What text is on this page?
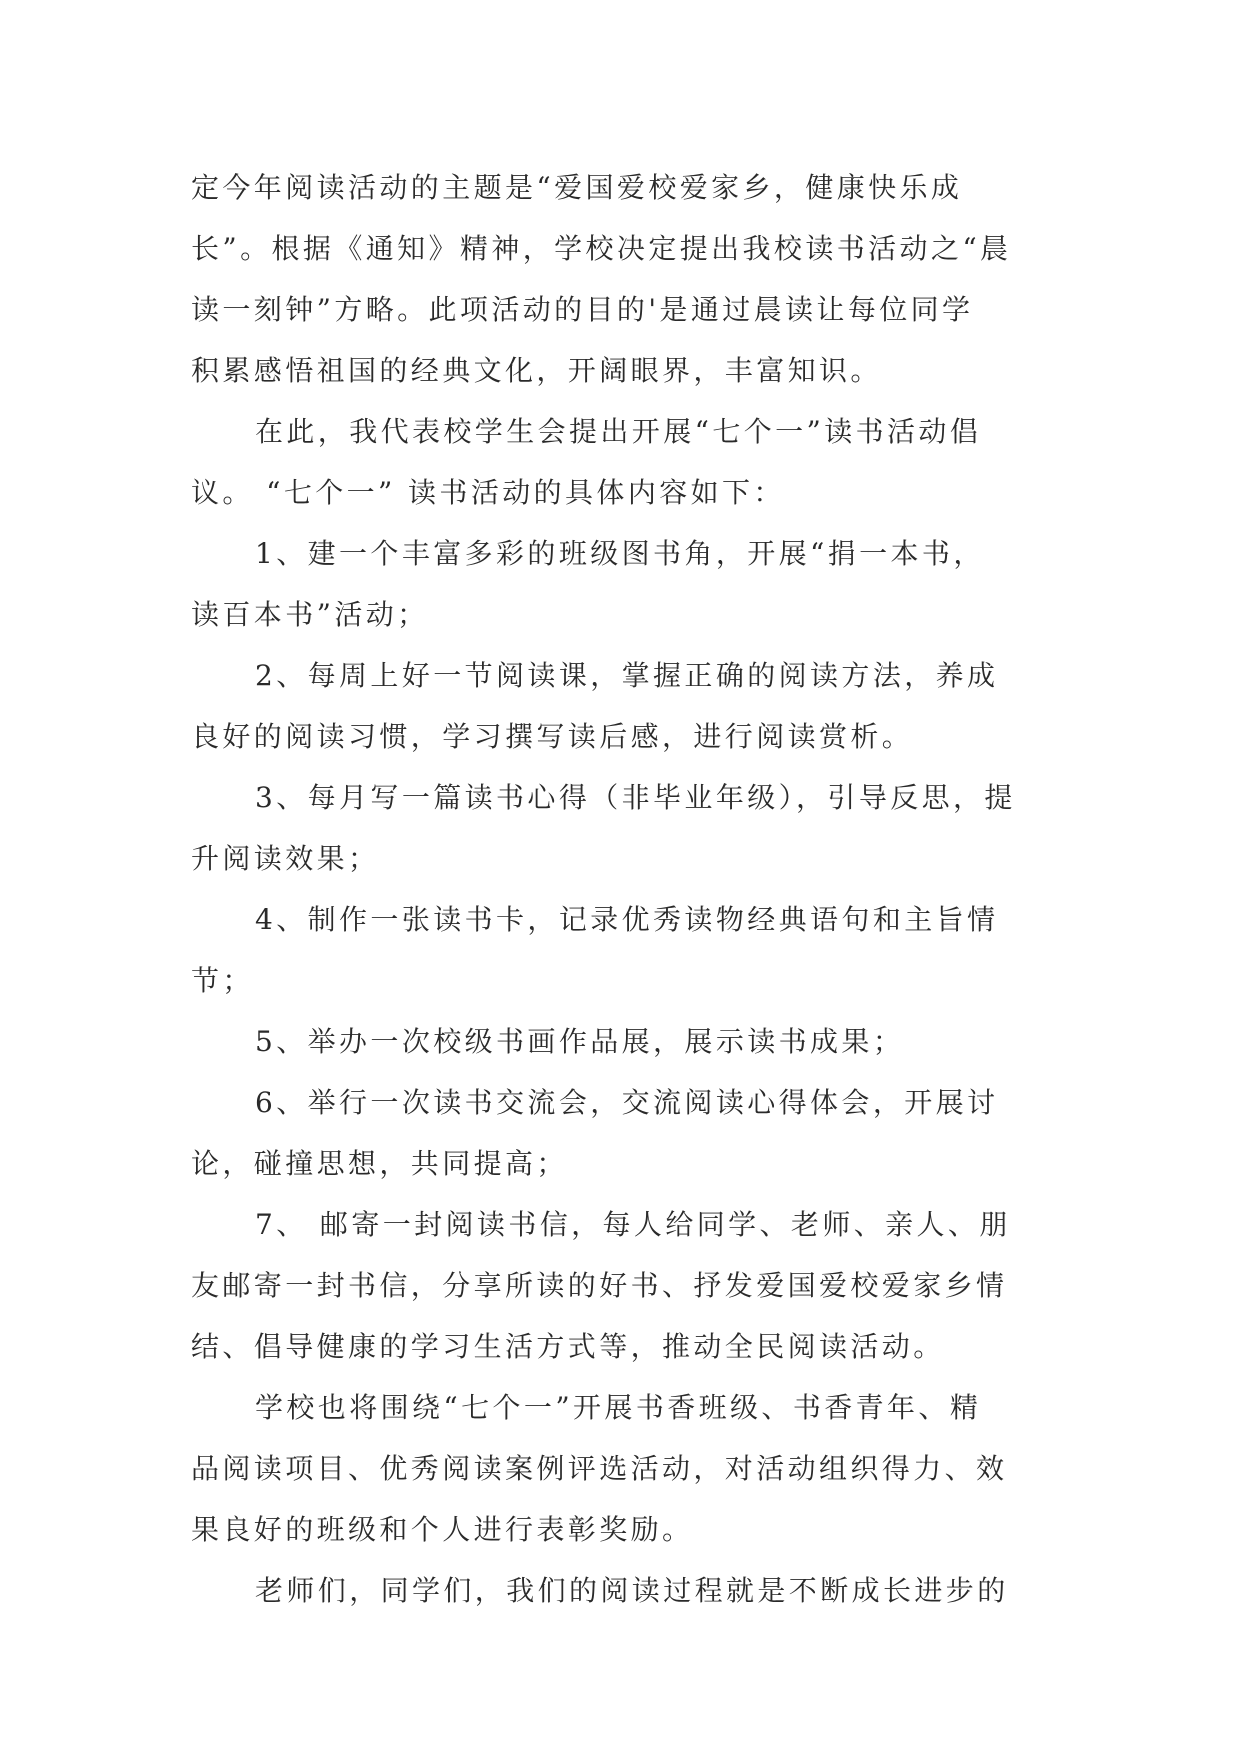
定今年阅读活动的主题是“爱国爱校爱家乡，健康快乐成
长”。根据《通知》精神，学校决定提出我校读书活动之“晨
读一刻钟”方略。此项活动的目的'是通过晨读让每位同学
积累感悟祖国的经典文化，开阔眼界，丰富知识。
在此，我代表校学生会提出开展“七个一”读书活动倡
议。 “七个一” 读书活动的具体内容如下：
1、建一个丰富多彩的班级图书角，开展“捐一本书，
读百本书”活动；
2、每周上好一节阅读课，掌握正确的阅读方法，养成
良好的阅读习惯，学习撰写读后感，进行阅读赏析。
3、每月写一篇读书心得（非毕业年级），引导反思，提
升阅读效果；
4、制作一张读书卡，记录优秀读物经典语句和主旨情
节；
5、举办一次校级书画作品展，展示读书成果；
6、举行一次读书交流会，交流阅读心得体会，开展讨
论，碰撞思想，共同提高；
7、 邮寄一封阅读书信，每人给同学、老师、亲人、朋
友邮寄一封书信，分享所读的好书、抒发爱国爱校爱家乡情
结、倡导健康的学习生活方式等，推动全民阅读活动。
学校也将围绕“七个一”开展书香班级、书香青年、精
品阅读项目、优秀阅读案例评选活动，对活动组织得力、效
果良好的班级和个人进行表彰奖励。
老师们，同学们，我们的阅读过程就是不断成长进步的
